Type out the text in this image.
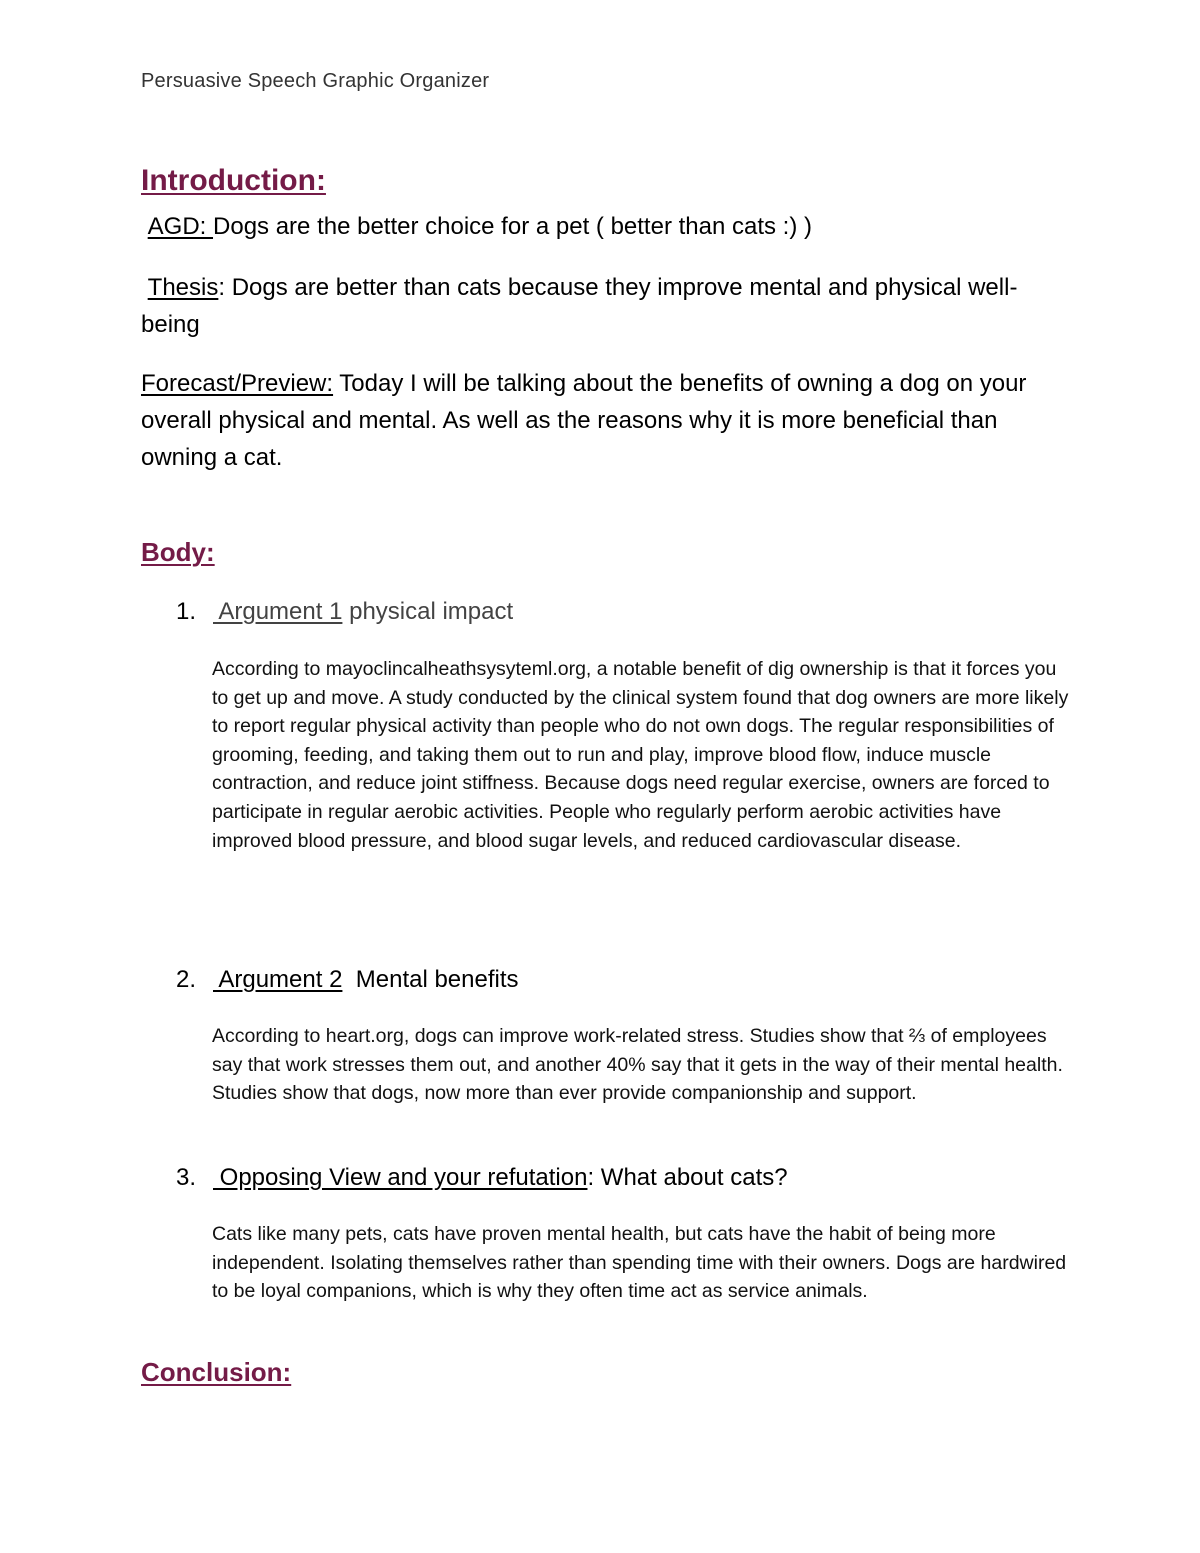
Persuasive Speech Graphic Organizer
Introduction:
AGD: Dogs are the better choice for a pet ( better than cats :) )
Thesis: Dogs are better than cats because they improve mental and physical well-being
Forecast/Preview: Today I will be talking about the benefits of owning a dog on your overall physical and mental. As well as the reasons why it is more beneficial than owning a cat.
Body:
1. Argument 1 physical impact
According to mayoclincalheathsysyteml.org, a notable benefit of dig ownership is that it forces you to get up and move. A study conducted by the clinical system found that dog owners are more likely to report regular physical activity than people who do not own dogs. The regular responsibilities of grooming, feeding, and taking them out to run and play, improve blood flow, induce muscle contraction, and reduce joint stiffness. Because dogs need regular exercise, owners are forced to participate in regular aerobic activities. People who regularly perform aerobic activities have improved blood pressure, and blood sugar levels, and reduced cardiovascular disease.
2. Argument 2  Mental benefits
According to heart.org, dogs can improve work-related stress. Studies show that ⅔ of employees say that work stresses them out, and another 40% say that it gets in the way of their mental health. Studies show that dogs, now more than ever provide companionship and support.
3. Opposing View and your refutation: What about cats?
Cats like many pets, cats have proven mental health, but cats have the habit of being more independent. Isolating themselves rather than spending time with their owners. Dogs are hardwired to be loyal companions, which is why they often time act as service animals.
Conclusion:
